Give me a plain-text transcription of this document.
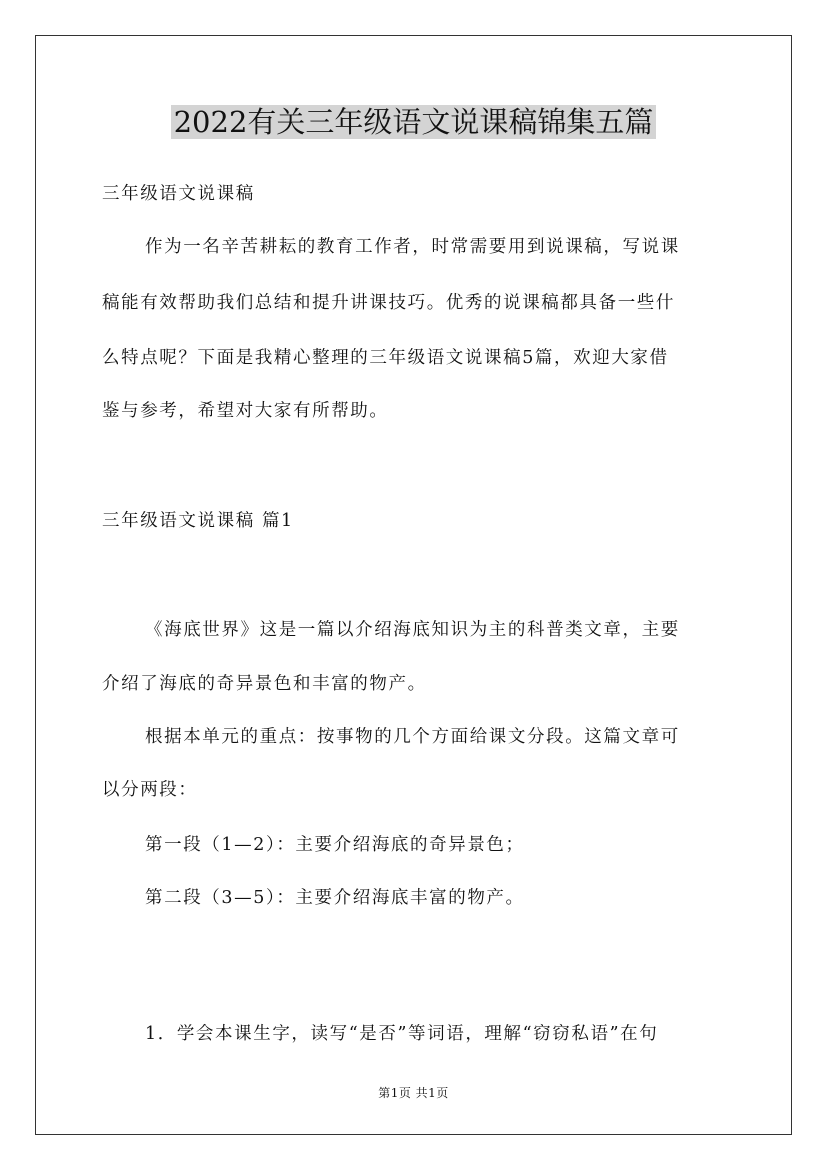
2022有关三年级语文说课稿锦集五篇

三年级语文说课稿

作为一名辛苦耕耘的教育工作者，时常需要用到说课稿，写说课

稿能有效帮助我们总结和提升讲课技巧。优秀的说课稿都具备一些什

么特点呢？下面是我精心整理的三年级语文说课稿5篇，欢迎大家借

鉴与参考，希望对大家有所帮助。

三年级语文说课稿 篇1

《海底世界》这是一篇以介绍海底知识为主的科普类文章，主要

介绍了海底的奇异景色和丰富的物产。

根据本单元的重点：按事物的几个方面给课文分段。这篇文章可

以分两段：

第一段（1—2）：主要介绍海底的奇异景色；

第二段（3—5）：主要介绍海底丰富的物产。

1．学会本课生字，读写“是否”等词语，理解“窃窃私语”在句

第1页 共1页
